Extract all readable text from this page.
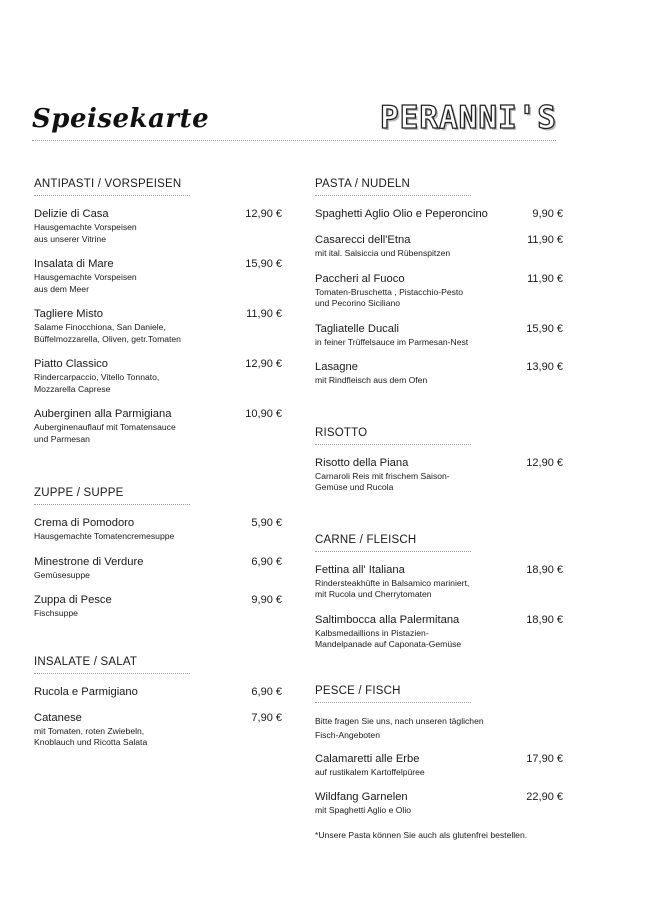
Speisekarte	PERANNI'S
ANTIPASTI / VORSPEISEN
Delizie di Casa	12,90 €
Hausgemachte Vorspeisen
aus unserer Vitrine
Insalata di Mare	15,90 €
Hausgemachte Vorspeisen
aus dem Meer
Tagliere Misto	11,90 €
Salame Finocchiona, San Daniele,
Büffelmozzarella, Oliven, getr.Tomaten
Piatto Classico	12,90 €
Rindercarpaccio, Vitello Tonnato,
Mozzarella Caprese
Auberginen alla Parmigiana	10,90 €
Auberginenauflauf mit Tomatensauce
und Parmesan
ZUPPE / SUPPE
Crema di Pomodoro	5,90 €
Hausgemachte Tomatencremesuppe
Minestrone di Verdure	6,90 €
Gemüsesuppe
Zuppa di Pesce	9,90 €
Fischsuppe
INSALATE / SALAT
Rucola e Parmigiano	6,90 €
Catanese	7,90 €
mit Tomaten, roten Zwiebeln,
Knoblauch und Ricotta Salata
PASTA / NUDELN
Spaghetti Aglio Olio e Peperoncino	9,90 €
Casarecci dell'Etna	11,90 €
mit ital. Salsiccia und Rübenspitzen
Paccheri al Fuoco	11,90 €
Tomaten-Bruschetta , Pistacchio-Pesto
und Pecorino Siciliano
Tagliatelle Ducali	15,90 €
in feiner Trüffelsauce im Parmesan-Nest
Lasagne	13,90 €
mit Rindfleisch aus dem Ofen
RISOTTO
Risotto della Piana	12,90 €
Carnaroli Reis mit frischem Saison-
Gemüse und Rucola
CARNE / FLEISCH
Fettina all' Italiana	18,90 €
Rindersteakhüfte in Balsamico mariniert,
mit Rucola und Cherrytomaten
Saltimbocca alla Palermitana	18,90 €
Kalbsmedaillions in Pistazien-
Mandelpanade auf Caponata-Gemüse
PESCE / FISCH
Bitte fragen Sie uns, nach unseren täglichen
Fisch-Angeboten
Calamaretti alle Erbe	17,90 €
auf rustikalem Kartoffelpüree
Wildfang Garnelen	22,90 €
mit Spaghetti Aglio e Olio
*Unsere Pasta können Sie auch als glutenfrei bestellen.
